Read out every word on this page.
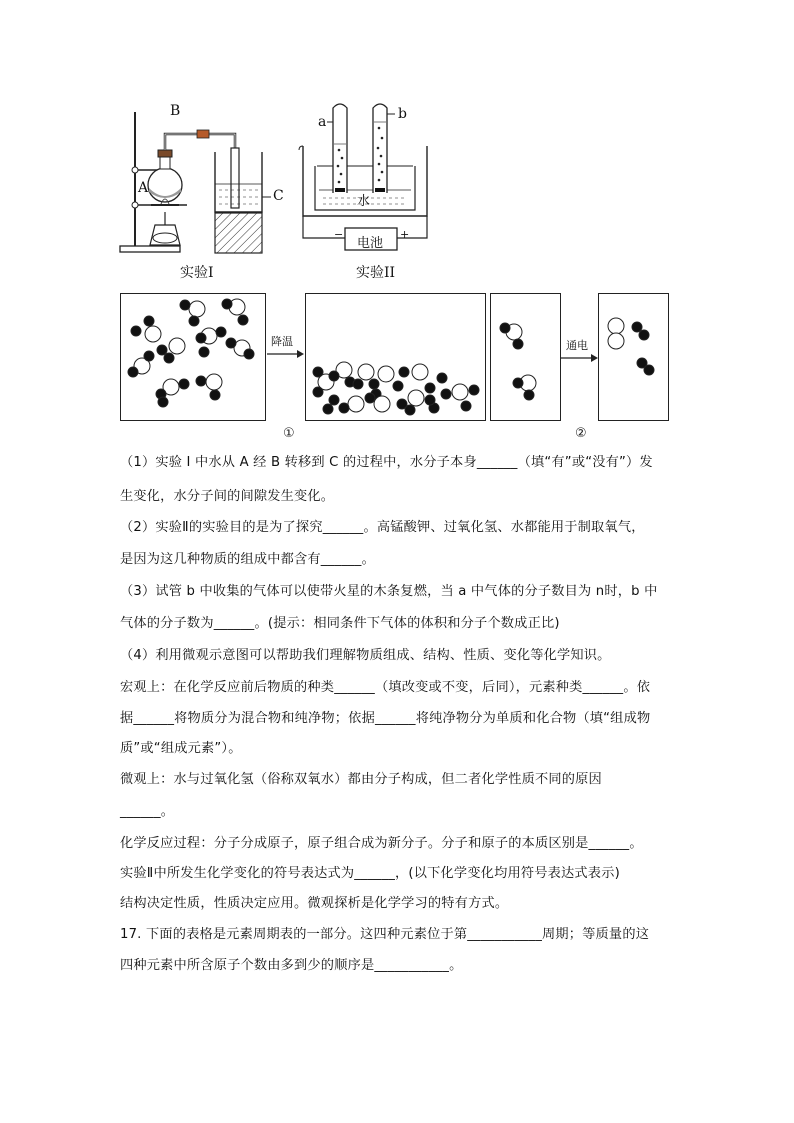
B
A	C
实验I
a	b
水
电池
−	+
实验II
降温
①
通电
②
（1）实验 I 中水从 A 经 B 转移到 C 的过程中，水分子本身______（填“有”或“没有”）发
生变化，水分子间的间隙发生变化。
（2）实验Ⅱ的实验目的是为了探究______。高锰酸钾、过氧化氢、水都能用于制取氧气，
是因为这几种物质的组成中都含有______。
（3）试管 b 中收集的气体可以使带火星的木条复燃，当 a 中气体的分子数目为 n时，b 中
气体的分子数为______。(提示：相同条件下气体的体积和分子个数成正比)
（4）利用微观示意图可以帮助我们理解物质组成、结构、性质、变化等化学知识。
宏观上：在化学反应前后物质的种类______（填改变或不变，后同），元素种类______。依
据______将物质分为混合物和纯净物；依据______将纯净物分为单质和化合物（填“组成物
质”或“组成元素”）。
微观上：水与过氧化氢（俗称双氧水）都由分子构成，但二者化学性质不同的原因
______。
化学反应过程：分子分成原子，原子组合成为新分子。分子和原子的本质区别是______。
实验Ⅱ中所发生化学变化的符号表达式为______，(以下化学变化均用符号表达式表示)
结构决定性质，性质决定应用。微观探析是化学学习的特有方式。
17. 下面的表格是元素周期表的一部分。这四种元素位于第___________周期；等质量的这
四种元素中所含原子个数由多到少的顺序是___________。
